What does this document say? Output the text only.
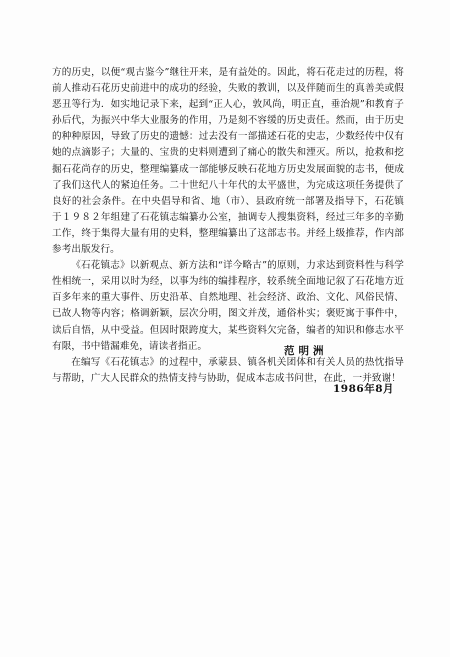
方的历史，以便“观古鉴今”继往开来，是有益处的。因此，将石花走过的历程，将前人推动石花历史前进中的成功的经验，失败的教训，以及伴随而生的真善美或假恶丑等行为．如实地记录下来，起到“正人心，敦风尚，明正直，垂治规”和教育子孙后代，为振兴中华大业服务的作用，乃是刻不容缓的历史责任。然而，由于历史的种种原因，导致了历史的遗憾：过去没有一部描述石花的史志，少数经传中仅有她的点滴影子；大量的、宝贵的史料则遭到了痛心的散失和湮灭。所以，抢救和挖掘石花尚存的历史，整理编纂成一部能够反映石花地方历史发展面貌的志书，便成了我们这代人的紧迫任务。二十世纪八十年代的太平盛世，为完成这项任务提供了良好的社会条件。在中央倡导和省、地（市）、县政府统一部署及指导下，石花镇于１９８２年组建了石花镇志编纂办公室，抽调专人搜集资料，经过三年多的辛勤工作，终于集得大量有用的史料，整理编纂出了这部志书。并经上级推荐，作内部参考出版发行。

《石花镇志》以新观点、新方法和“详今略古”的原则，力求达到资料性与科学性相统一，采用以时为经，以事为纬的编排程序，较系统全面地记叙了石花地方近百多年来的重大事件、历史沿革、自然地理、社会经济、政治、文化、风俗民情、已故人物等内容；格调新颖，层次分明，图文并茂，通俗朴实；褒贬寓于事件中，读后自悟，从中受益。但因时限跨度大，某些资料欠完备，编者的知识和修志水平有限，书中错漏难免，请读者指正。

在编写《石花镇志》的过程中，承蒙县、镇各机关团体和有关人员的热忱指导与帮助，广大人民群众的热情支持与协助，促成本志成书问世，在此，一并致谢！

范明洲
1986年8月
